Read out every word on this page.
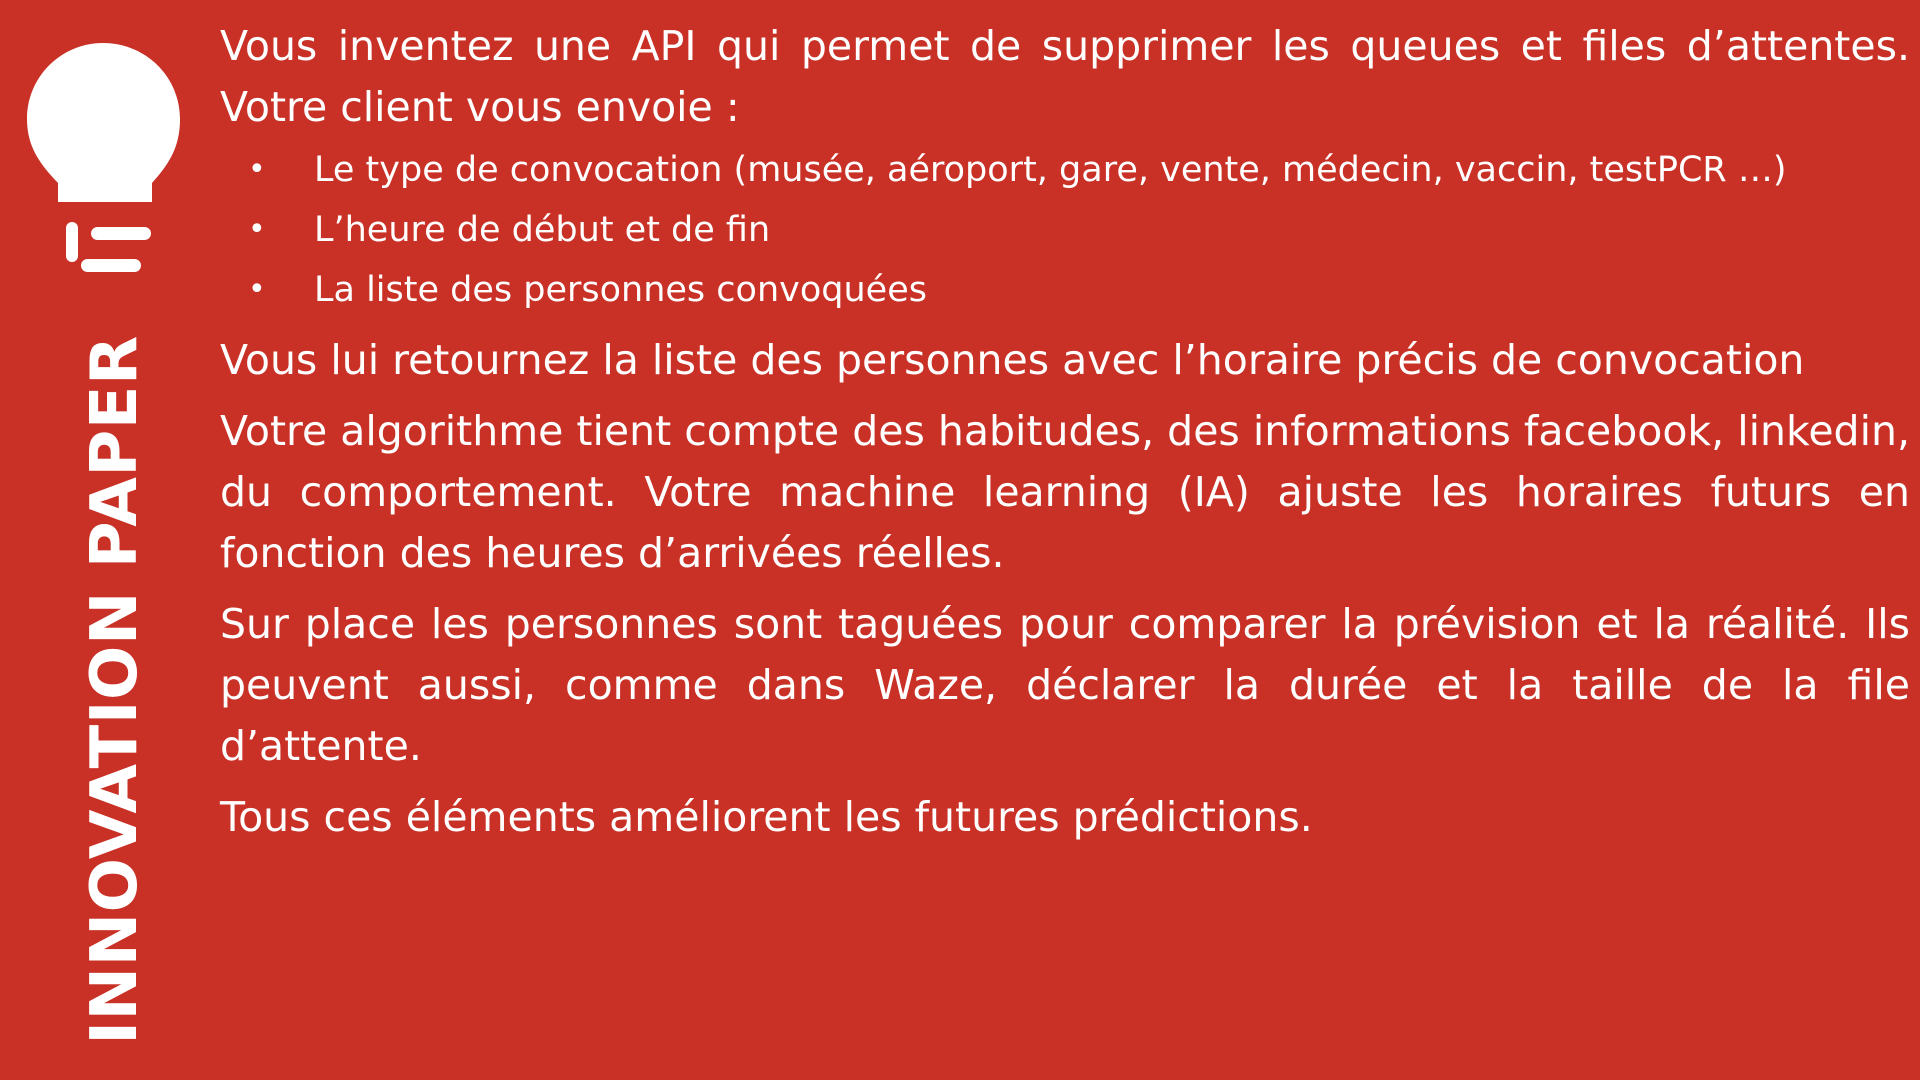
INNOVATION PAPER

Vous inventez une API qui permet de supprimer les queues et files d’attentes. Votre client vous envoie :

• Le type de convocation (musée, aéroport, gare, vente, médecin, vaccin, testPCR …)
• L’heure de début et de fin
• La liste des personnes convoquées

Vous lui retournez la liste des personnes avec l’horaire précis de convocation

Votre algorithme tient compte des habitudes, des informations facebook, linkedin, du comportement. Votre machine learning (IA) ajuste les horaires futurs en fonction des heures d’arrivées réelles.

Sur place les personnes sont taguées pour comparer la prévision et la réalité. Ils peuvent aussi, comme dans Waze, déclarer la durée et la taille de la file d’attente.

Tous ces éléments améliorent les futures prédictions.
